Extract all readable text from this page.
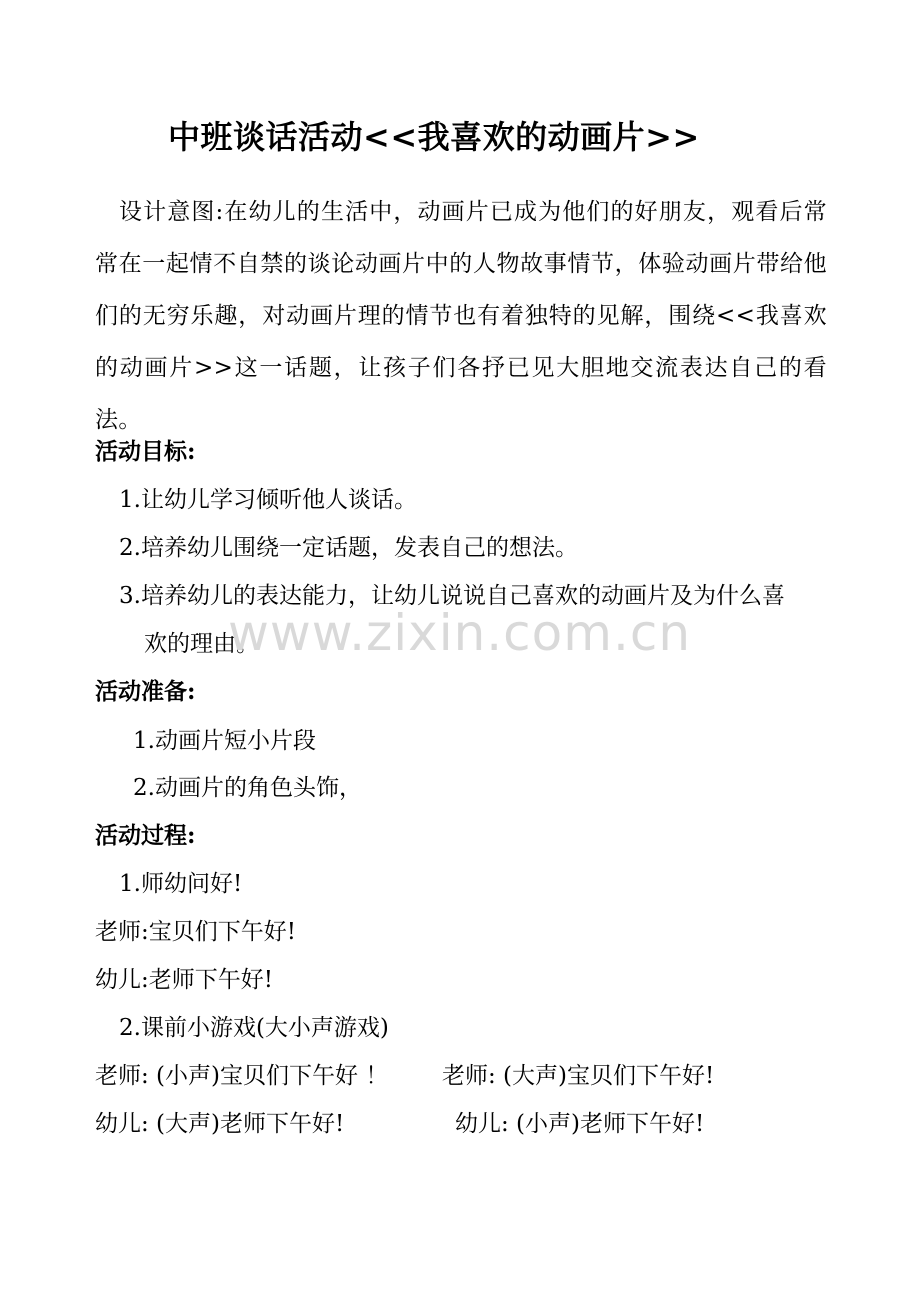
中班谈话活动<<我喜欢的动画片>>
设计意图:在幼儿的生活中，动画片已成为他们的好朋友，观看后常常在一起情不自禁的谈论动画片中的人物故事情节，体验动画片带给他们的无穷乐趣，对动画片理的情节也有着独特的见解，围绕<<我喜欢的动画片>>这一话题，让孩子们各抒已见大胆地交流表达自己的看法。
活动目标:
1.让幼儿学习倾听他人谈话。
2.培养幼儿围绕一定话题，发表自己的想法。
3.培养幼儿的表达能力，让幼儿说说自己喜欢的动画片及为什么喜
欢的理由。
活动准备:
1.动画片短小片段
2.动画片的角色头饰，
活动过程:
1.师幼问好!
老师:宝贝们下午好!
幼儿:老师下午好!
2.课前小游戏(大小声游戏)
老师: (小声)宝贝们下午好 ！ 老师: (大声)宝贝们下午好!
幼儿: (大声)老师下午好!	幼儿: (小声)老师下午好!
www.zixin.com.cn
